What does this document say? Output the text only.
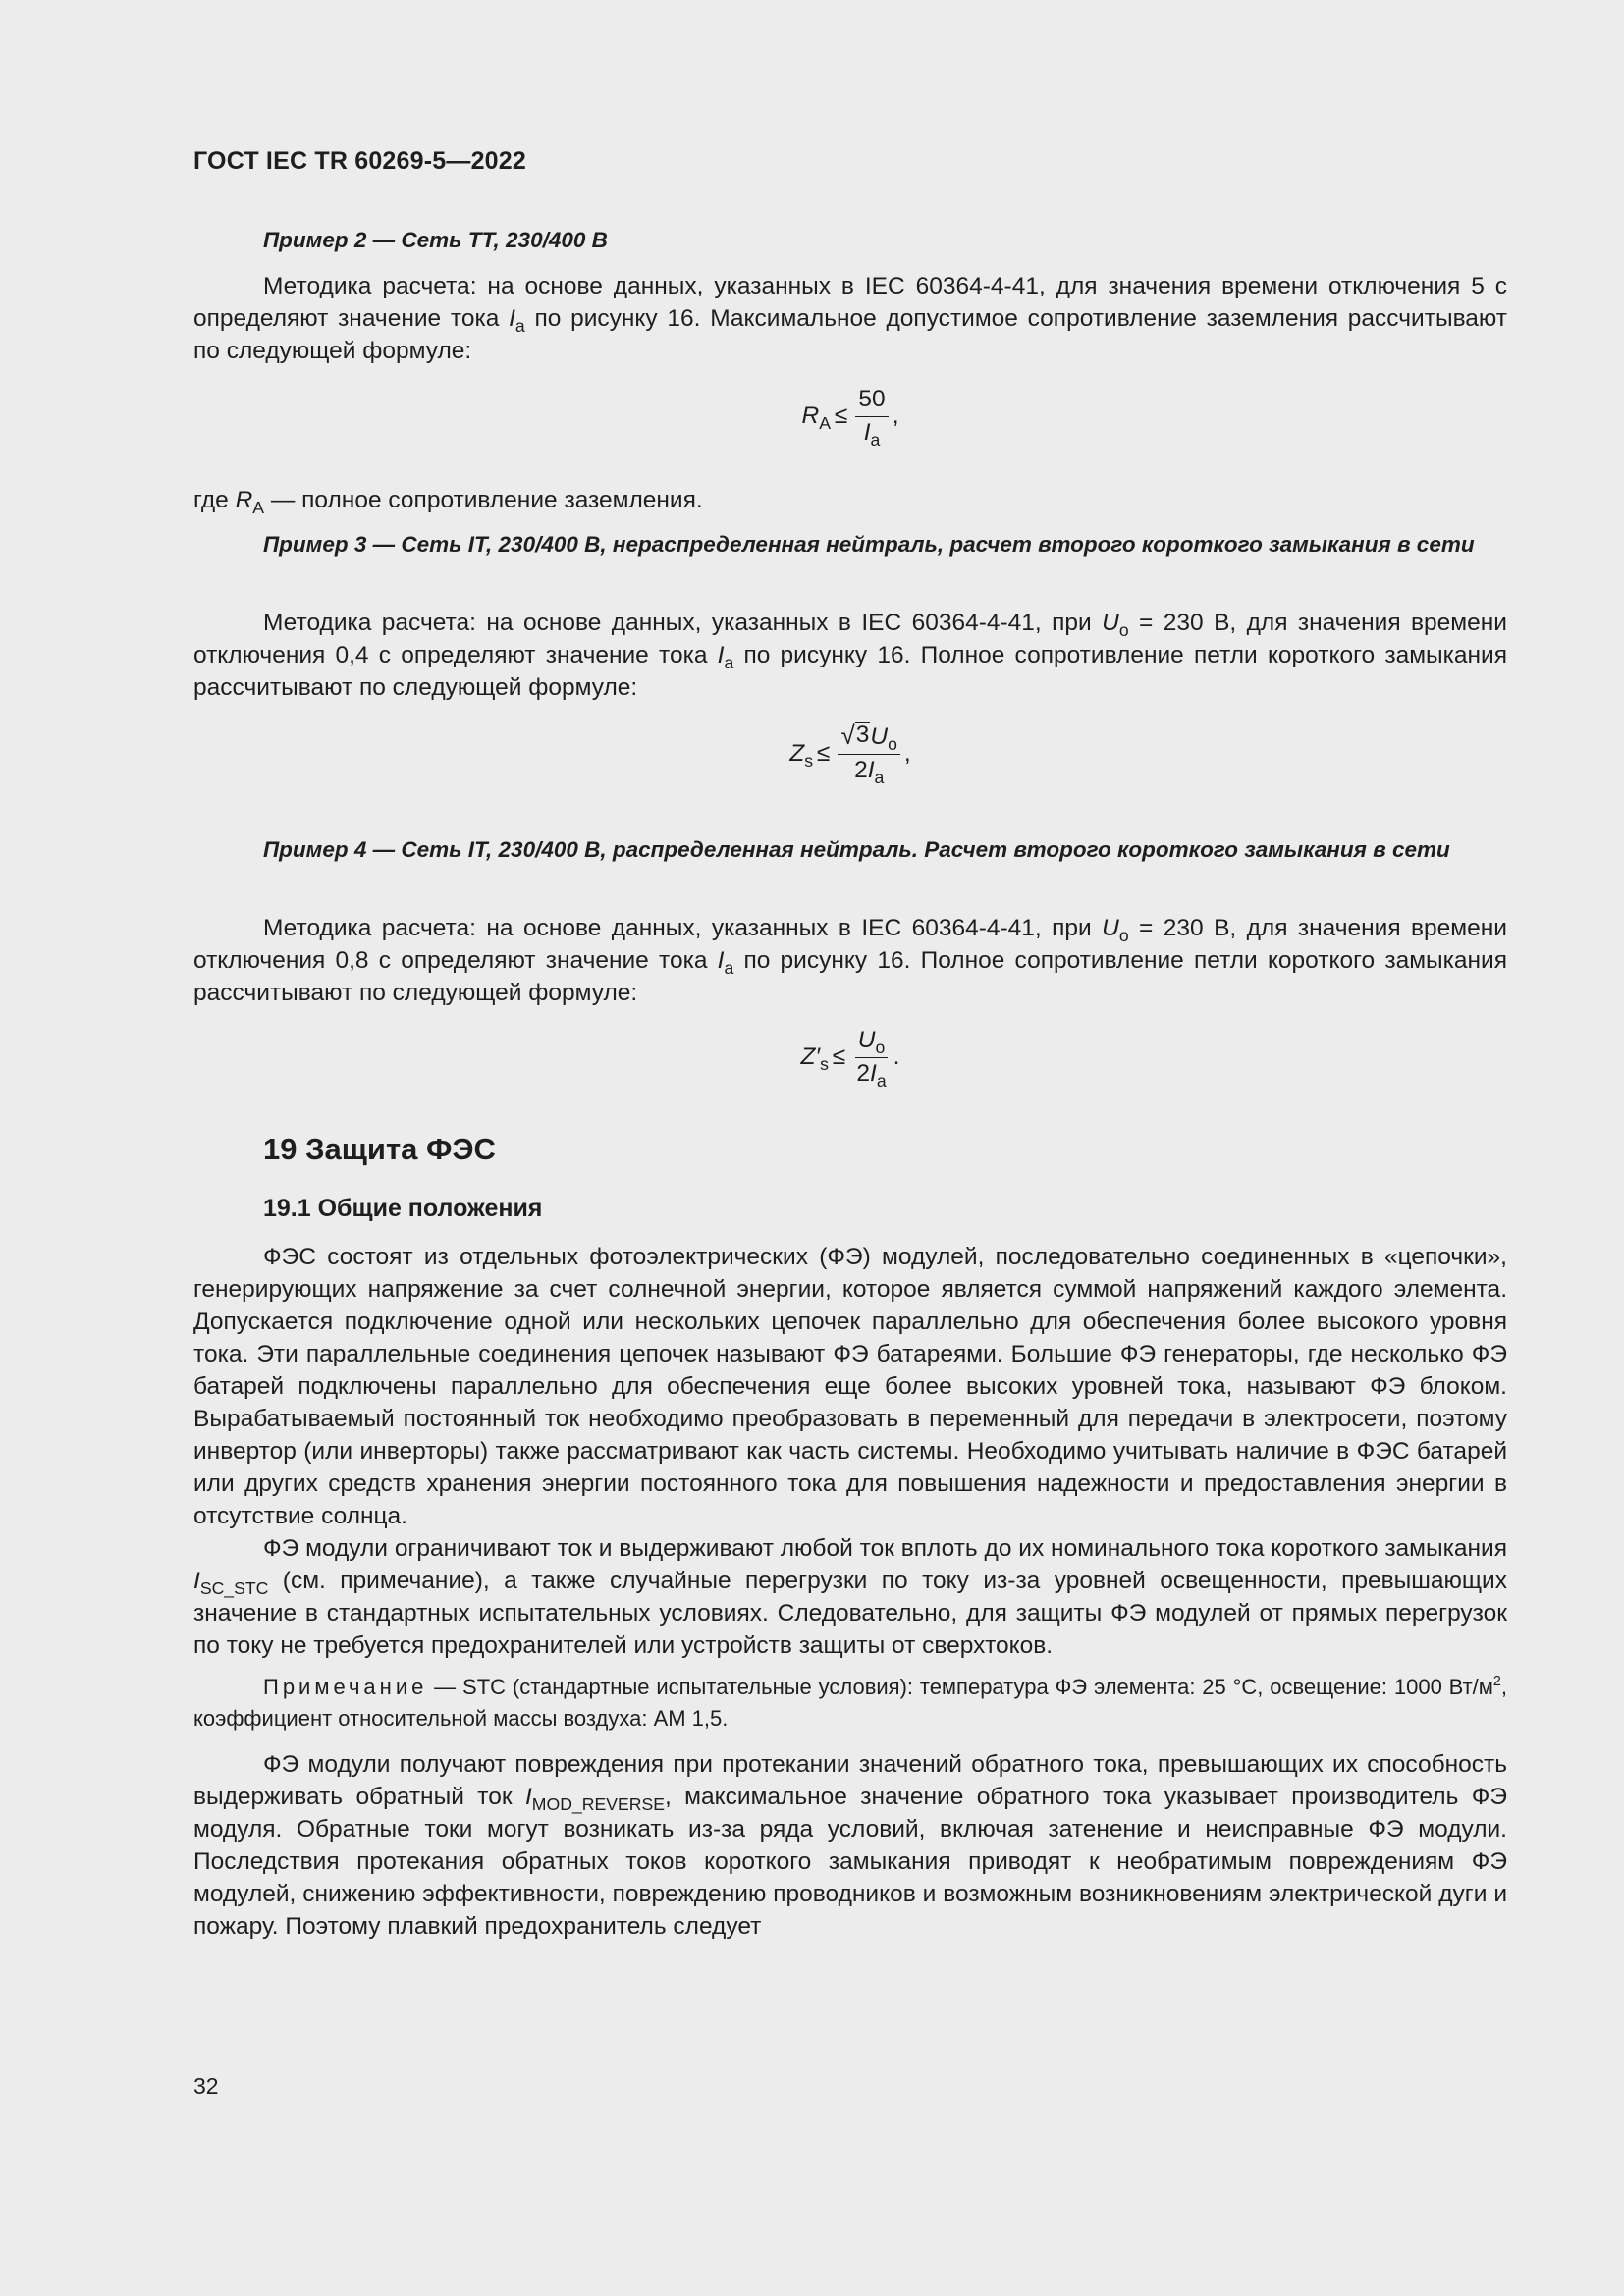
ГОСТ IEC TR 60269-5—2022

Пример 2 — Сеть TT, 230/400 В

Методика расчета: на основе данных, указанных в IEC 60364-4-41, для значения времени отключения 5 с определяют значение тока $I_a$ по рисунку 16. Максимальное допустимое сопротивление заземления рассчитывают по следующей формуле:

$R_A \le \frac{50}{I_a}$ ,

где $R_A$ — полное сопротивление заземления.

Пример 3 — Сеть IT, 230/400 В, нераспределенная нейтраль, расчет второго короткого замыкания в сети

Методика расчета: на основе данных, указанных в IEC 60364-4-41, при $U_o = 230$ В, для значения времени отключения 0,4 с определяют значение тока $I_a$ по рисунку 16. Полное сопротивление петли короткого замыкания рассчитывают по следующей формуле:

$Z_s \le \frac{√ 3 U_o}{2I_a}$ ,

Пример 4 — Сеть IT, 230/400 В, распределенная нейтраль. Расчет второго короткого замыкания в сети

Методика расчета: на основе данных, указанных в IEC 60364-4-41, при $U_o = 230$ В, для значения времени отключения 0,8 с определяют значение тока $I_a$ по рисунку 16. Полное сопротивление петли короткого замыкания рассчитывают по следующей формуле:

$Z'_s \le \frac{U_o}{2I_a}$ .
19 Защита ФЭС
19.1 Общие положения

ФЭС состоят из отдельных фотоэлектрических (ФЭ) модулей, последовательно соединенных в «цепочки», генерирующих напряжение за счет солнечной энергии, которое является суммой напряжений каждого элемента. Допускается подключение одной или нескольких цепочек параллельно для обеспечения более высокого уровня тока. Эти параллельные соединения цепочек называют ФЭ батареями. Большие ФЭ генераторы, где несколько ФЭ батарей подключены параллельно для обеспечения еще более высоких уровней тока, называют ФЭ блоком. Вырабатываемый постоянный ток необходимо преобразовать в переменный для передачи в электросети, поэтому инвертор (или инверторы) также рассматривают как часть системы. Необходимо учитывать наличие в ФЭС батарей или других средств хранения энергии постоянного тока для повышения надежности и предоставления энергии в отсутствие солнца.

ФЭ модули ограничивают ток и выдерживают любой ток вплоть до их номинального тока короткого замыкания $I_{SC\_STC}$ (см. примечание), а также случайные перегрузки по току из-за уровней освещенности, превышающих значение в стандартных испытательных условиях. Следовательно, для защиты ФЭ модулей от прямых перегрузок по току не требуется предохранителей или устройств защиты от сверхтоков.

Примечание — STC (стандартные испытательные условия): температура ФЭ элемента: 25 °С, освещение: 1000 $Вт/м^2$, коэффициент относительной массы воздуха: AM 1,5.

ФЭ модули получают повреждения при протекании значений обратного тока, превышающих их способность выдерживать обратный ток $I_{MOD\_REVERSE}$, максимальное значение обратного тока указывает производитель ФЭ модуля. Обратные токи могут возникать из-за ряда условий, включая затенение и неисправные ФЭ модули. Последствия протекания обратных токов короткого замыкания приводят к необратимым повреждениям ФЭ модулей, снижению эффективности, повреждению проводников и возможным возникновениям электрической дуги и пожару. Поэтому плавкий предохранитель следует

32
